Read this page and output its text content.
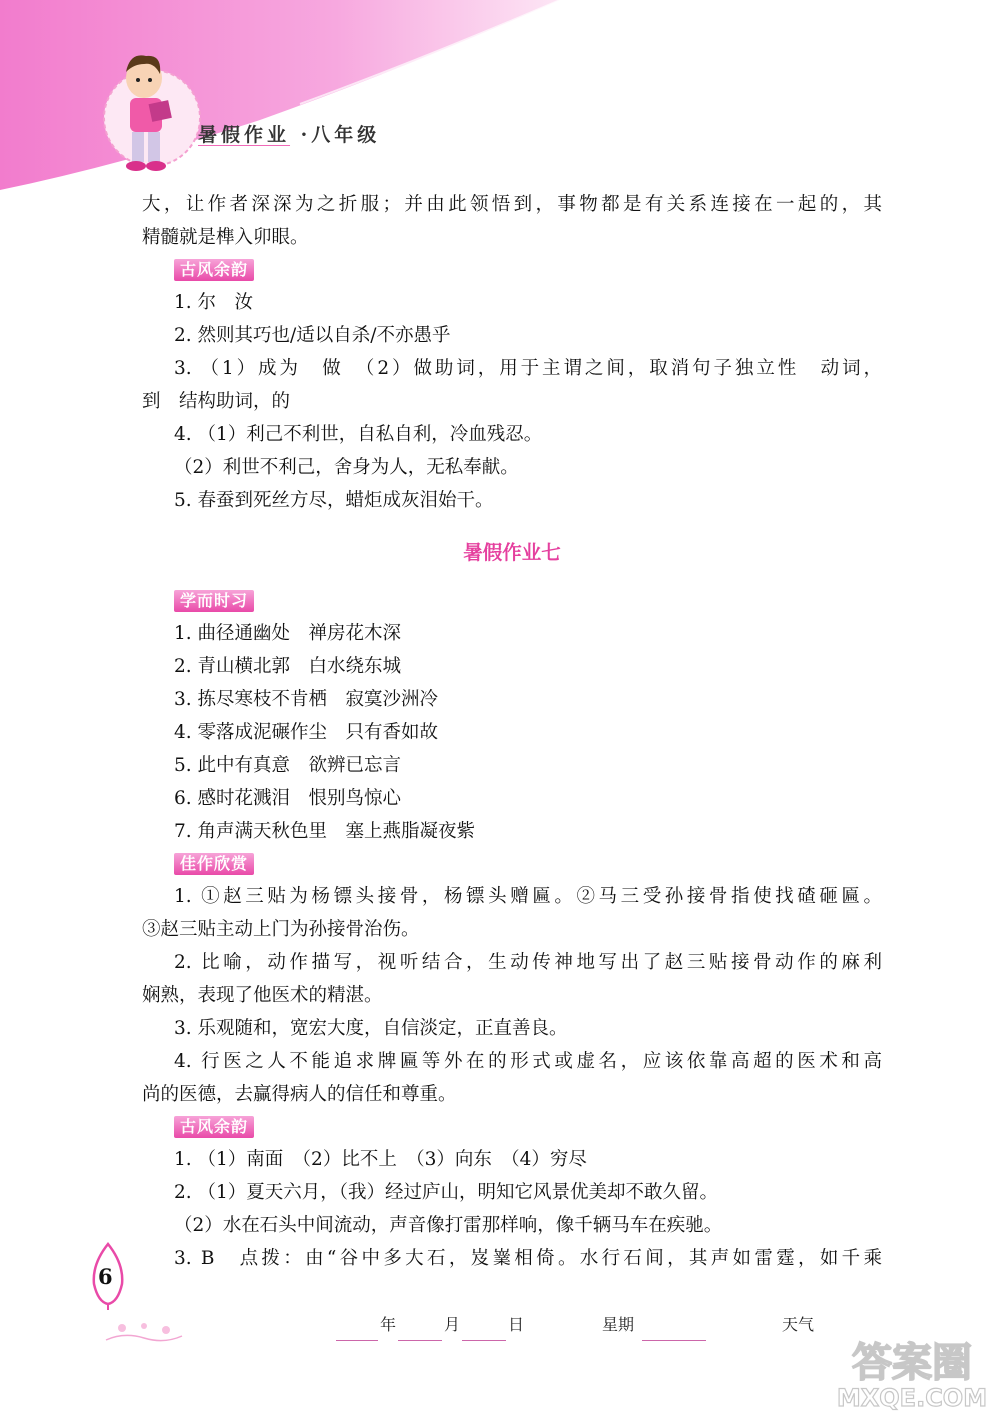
暑假作业 ·八年级

大，让作者深深为之折服；并由此领悟到，事物都是有关系连接在一起的，其

精髓就是榫入卯眼。

古风余韵

1. 尔　汝

2. 然则其巧也/适以自杀/不亦愚乎

3. （1）成为　做　（2）做助词，用于主谓之间，取消句子独立性　动词，

到　结构助词，的

4. （1）利己不利世，自私自利，冷血残忍。

（2）利世不利己，舍身为人，无私奉献。

5. 春蚕到死丝方尽，蜡炬成灰泪始干。

暑假作业七
学而时习

1. 曲径通幽处　禅房花木深

2. 青山横北郭　白水绕东城

3. 拣尽寒枝不肯栖　寂寞沙洲冷

4. 零落成泥碾作尘　只有香如故

5. 此中有真意　欲辨已忘言

6. 感时花溅泪　恨别鸟惊心

7. 角声满天秋色里　塞上燕脂凝夜紫

佳作欣赏

1. ①赵三贴为杨镖头接骨，杨镖头赠匾。②马三受孙接骨指使找碴砸匾。

③赵三贴主动上门为孙接骨治伤。

2. 比喻，动作描写，视听结合，生动传神地写出了赵三贴接骨动作的麻利

娴熟，表现了他医术的精湛。

3. 乐观随和，宽宏大度，自信淡定，正直善良。

4. 行医之人不能追求牌匾等外在的形式或虚名，应该依靠高超的医术和高

尚的医德，去赢得病人的信任和尊重。

古风余韵

1. （1）南面　（2）比不上　（3）向东　（4）穷尽

2. （1）夏天六月，（我）经过庐山，明知它风景优美却不敢久留。

（2）水在石头中间流动，声音像打雷那样响，像千辆马车在疾驰。

3. B　点拨：由“谷中多大石，岌嶪相倚。水行石间，其声如雷霆，如千乘

6
年	月	日	星期	天气
答案圈
MXQE.COM
